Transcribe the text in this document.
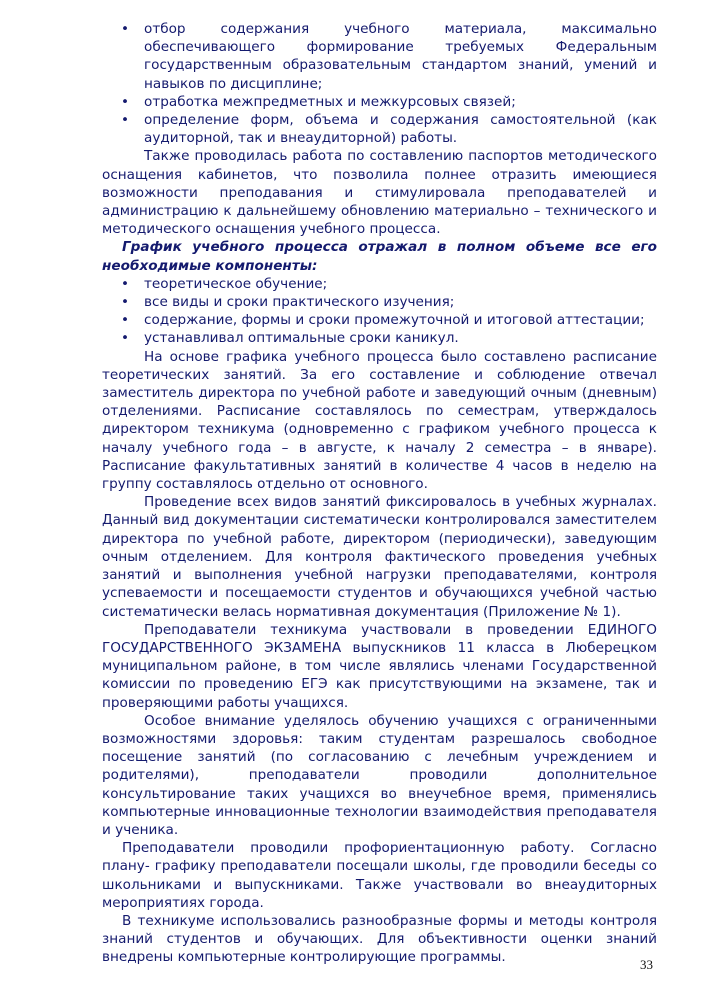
• отбор содержания учебного материала, максимально обеспечивающего формирование требуемых Федеральным государственным образовательным стандартом знаний, умений и навыков по дисциплине;
• отработка межпредметных и межкурсовых связей;
• определение форм, объема и содержания самостоятельной (как аудиторной, так и внеаудиторной) работы.

Также проводилась работа по составлению паспортов методического оснащения кабинетов, что позволила полнее отразить имеющиеся возможности преподавания и стимулировала преподавателей и администрацию к дальнейшему обновлению материально – технического и методического оснащения учебного процесса.

График учебного процесса отражал в полном объеме все его необходимые компоненты:

• теоретическое обучение;
• все виды и сроки практического изучения;
• содержание, формы и сроки промежуточной и итоговой аттестации;
• устанавливал оптимальные сроки каникул.

На основе графика учебного процесса было составлено расписание теоретических занятий. За его составление и соблюдение отвечал заместитель директора по учебной работе и заведующий очным (дневным) отделениями. Расписание составлялось по семестрам, утверждалось директором техникума (одновременно с графиком учебного процесса к началу учебного года – в августе, к началу 2 семестра – в январе). Расписание факультативных занятий в количестве 4 часов в неделю на группу составлялось отдельно от основного.

Проведение всех видов занятий фиксировалось в учебных журналах. Данный вид документации систематически контролировался заместителем директора по учебной работе, директором (периодически), заведующим очным отделением. Для контроля фактического проведения учебных занятий и выполнения учебной нагрузки преподавателями, контроля успеваемости и посещаемости студентов и обучающихся учебной частью систематически велась нормативная документация (Приложение № 1).

Преподаватели техникума участвовали в проведении ЕДИНОГО ГОСУДАРСТВЕННОГО ЭКЗАМЕНА выпускников 11 класса в Люберецком муниципальном районе, в том числе являлись членами Государственной комиссии по проведению ЕГЭ как присутствующими на экзамене, так и проверяющими работы учащихся.

Особое внимание уделялось обучению учащихся с ограниченными возможностями здоровья: таким студентам разрешалось свободное посещение занятий (по согласованию с лечебным учреждением и родителями), преподаватели проводили дополнительное консультирование таких учащихся во внеучебное время, применялись компьютерные инновационные технологии взаимодействия преподавателя и ученика.

Преподаватели проводили профориентационную работу. Согласно плану- графику преподаватели посещали школы, где проводили беседы со школьниками и выпускниками. Также участвовали во внеаудиторных мероприятиях города.

В техникуме использовались разнообразные формы и методы контроля знаний студентов и обучающих. Для объективности оценки знаний внедрены компьютерные контролирующие программы.	33
